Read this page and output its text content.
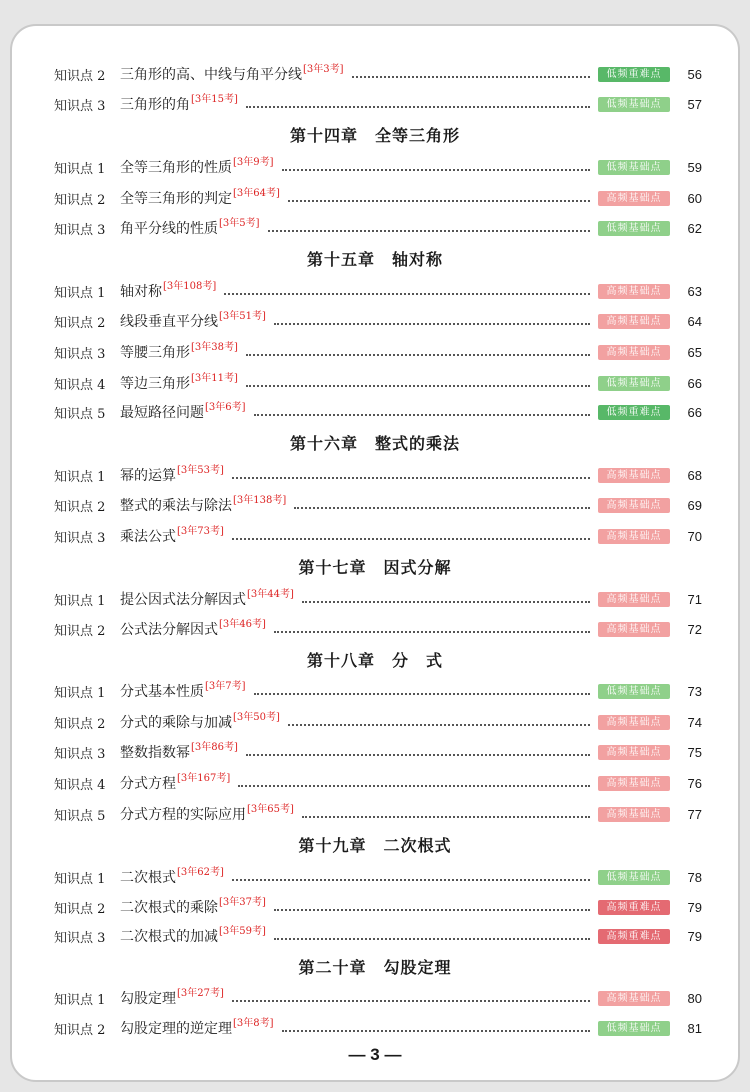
知识点 2	三角形的高、中线与角平分线 [3年3考]	低频重难点	56
知识点 3	三角形的角 [3年15考]	低频基础点	57
第十四章　全等三角形
知识点 1	全等三角形的性质 [3年9考]	低频基础点	59
知识点 2	全等三角形的判定 [3年64考]	高频基础点	60
知识点 3	角平分线的性质 [3年5考]	低频基础点	62
第十五章　轴对称
知识点 1	轴对称 [3年108考]	高频基础点	63
知识点 2	线段垂直平分线 [3年51考]	高频基础点	64
知识点 3	等腰三角形 [3年38考]	高频基础点	65
知识点 4	等边三角形 [3年11考]	低频基础点	66
知识点 5	最短路径问题 [3年6考]	低频重难点	66
第十六章　整式的乘法
知识点 1	幂的运算 [3年53考]	高频基础点	68
知识点 2	整式的乘法与除法 [3年138考]	高频基础点	69
知识点 3	乘法公式 [3年73考]	高频基础点	70
第十七章　因式分解
知识点 1	提公因式法分解因式 [3年44考]	高频基础点	71
知识点 2	公式法分解因式 [3年46考]	高频基础点	72
第十八章　分　式
知识点 1	分式基本性质 [3年7考]	低频基础点	73
知识点 2	分式的乘除与加减 [3年50考]	高频基础点	74
知识点 3	整数指数幂 [3年86考]	高频基础点	75
知识点 4	分式方程 [3年167考]	高频基础点	76
知识点 5	分式方程的实际应用 [3年65考]	高频基础点	77
第十九章　二次根式
知识点 1	二次根式 [3年62考]	低频基础点	78
知识点 2	二次根式的乘除 [3年37考]	高频重难点	79
知识点 3	二次根式的加减 [3年59考]	高频重难点	79
第二十章　勾股定理
知识点 1	勾股定理 [3年27考]	高频基础点	80
知识点 2	勾股定理的逆定理 [3年8考]	低频基础点	81
— 3 —
